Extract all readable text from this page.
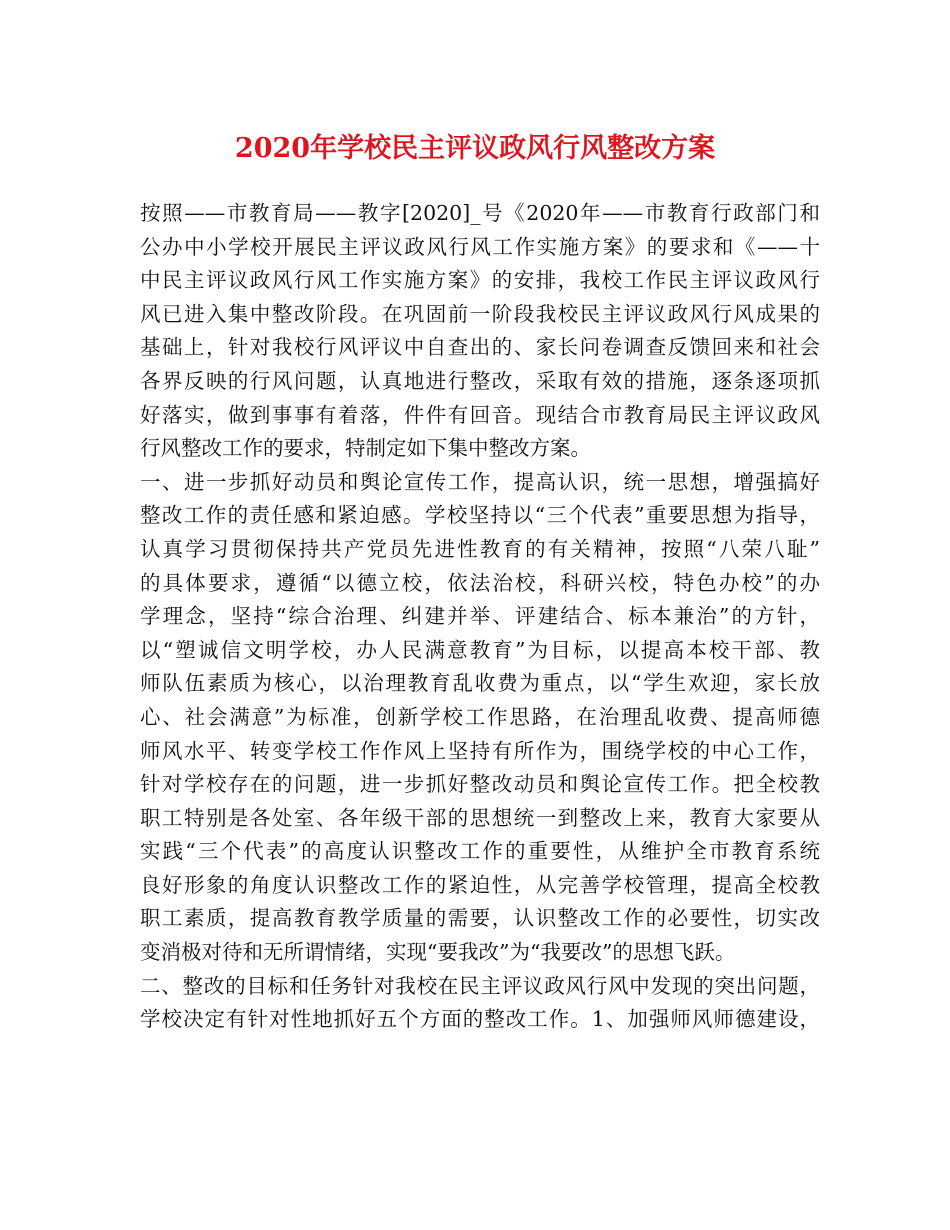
2020年学校民主评议政风行风整改方案
按照——市教育局——教字[2020]_号《2020年——市教育行政部门和
公办中小学校开展民主评议政风行风工作实施方案》的要求和《——十
中民主评议政风行风工作实施方案》的安排，我校工作民主评议政风行
风已进入集中整改阶段。在巩固前一阶段我校民主评议政风行风成果的
基础上，针对我校行风评议中自查出的、家长问卷调查反馈回来和社会
各界反映的行风问题，认真地进行整改，采取有效的措施，逐条逐项抓
好落实，做到事事有着落，件件有回音。现结合市教育局民主评议政风
行风整改工作的要求，特制定如下集中整改方案。
一、进一步抓好动员和舆论宣传工作，提高认识，统一思想，增强搞好
整改工作的责任感和紧迫感。学校坚持以“三个代表”重要思想为指导，
认真学习贯彻保持共产党员先进性教育的有关精神，按照“八荣八耻”
的具体要求，遵循“以德立校，依法治校，科研兴校，特色办校”的办
学理念，坚持“综合治理、纠建并举、评建结合、标本兼治”的方针，
以“塑诚信文明学校，办人民满意教育”为目标，以提高本校干部、教
师队伍素质为核心，以治理教育乱收费为重点，以“学生欢迎，家长放
心、社会满意”为标准，创新学校工作思路，在治理乱收费、提高师德
师风水平、转变学校工作作风上坚持有所作为，围绕学校的中心工作，
针对学校存在的问题，进一步抓好整改动员和舆论宣传工作。把全校教
职工特别是各处室、各年级干部的思想统一到整改上来，教育大家要从
实践“三个代表”的高度认识整改工作的重要性，从维护全市教育系统
良好形象的角度认识整改工作的紧迫性，从完善学校管理，提高全校教
职工素质，提高教育教学质量的需要，认识整改工作的必要性，切实改
变消极对待和无所谓情绪，实现“要我改”为“我要改”的思想飞跃。
二、整改的目标和任务针对我校在民主评议政风行风中发现的突出问题，
学校决定有针对性地抓好五个方面的整改工作。1、加强师风师德建设，
